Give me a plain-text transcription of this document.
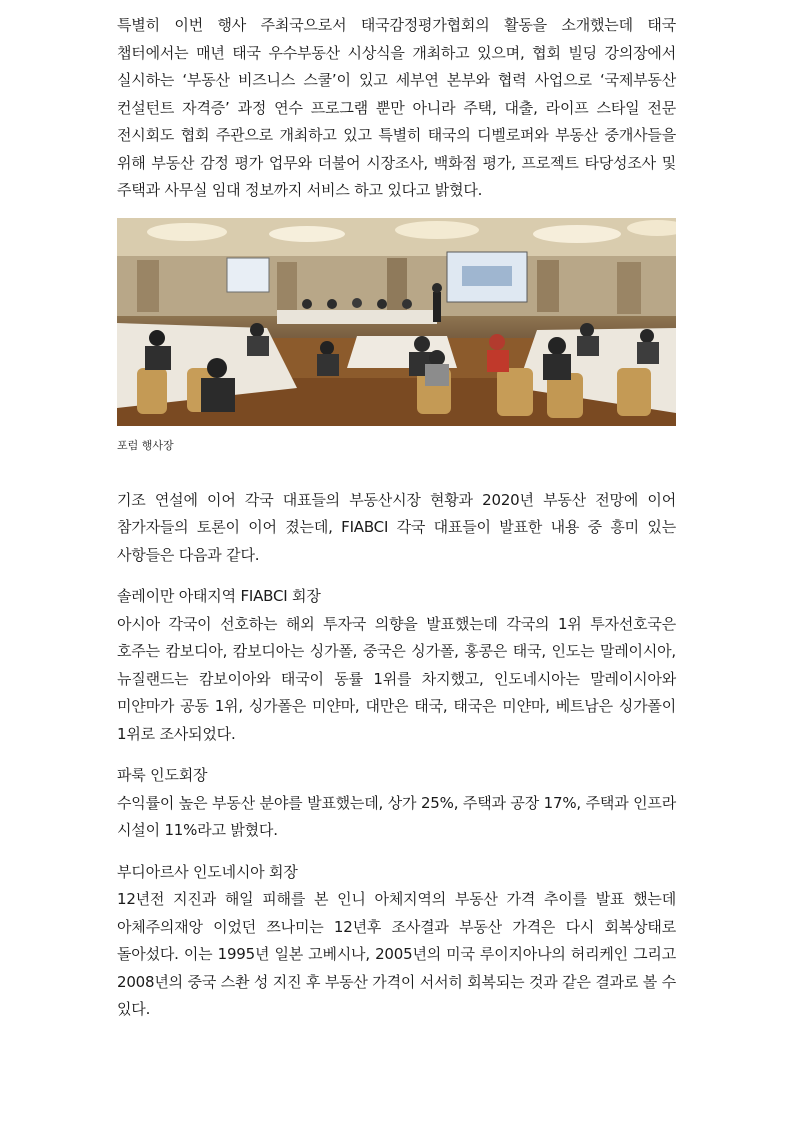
특별히 이번 행사 주최국으로서 태국감정평가협회의 활동을 소개했는데 태국 챕터에서는 매년 태국 우수부동산 시상식을 개최하고 있으며, 협회 빌딩 강의장에서 실시하는 ‘부동산 비즈니스 스쿨’이 있고 세부연 본부와 협력 사업으로 ‘국제부동산 컨설턴트 자격증’ 과정 연수 프로그램 뿐만 아니라 주택, 대출, 라이프 스타일 전문 전시회도 협회 주관으로 개최하고 있고 특별히 태국의 디벨로퍼와 부동산 중개사들을 위해 부동산 감정 평가 업무와 더불어 시장조사, 백화점 평가, 프로젝트 타당성조사 및 주택과 사무실 임대 정보까지 서비스 하고 있다고 밝혔다.

포럼 행사장

기조 연설에 이어 각국 대표들의 부동산시장 현황과 2020년 부동산 전망에 이어 참가자들의 토론이 이어 졌는데, FIABCI 각국 대표들이 발표한 내용 중 흥미 있는 사항들은 다음과 같다.

솔레이만 아태지역 FIABCI 회장

아시아 각국이 선호하는 해외 투자국 의향을 발표했는데 각국의 1위 투자선호국은 호주는 캄보디아, 캄보디아는 싱가폴, 중국은 싱가폴, 홍콩은 태국, 인도는 말레이시아, 뉴질랜드는 캄보이아와 태국이 동률 1위를 차지했고, 인도네시아는 말레이시아와 미얀마가 공동 1위, 싱가폴은 미얀마, 대만은 태국, 태국은 미얀마, 베트남은 싱가폴이 1위로 조사되었다.

파룩 인도회장

수익률이 높은 부동산 분야를 발표했는데, 상가 25%, 주택과 공장 17%, 주택과 인프라 시설이 11%라고 밝혔다.

부디아르사 인도네시아 회장

12년전 지진과 해일 피해를 본 인니 아체지역의 부동산 가격 추이를 발표 했는데 아체주의재앙 이었던 쯔나미는 12년후 조사결과 부동산 가격은 다시 회복상태로 돌아섰다. 이는 1995년 일본 고베시나, 2005년의 미국 루이지아나의 허리케인 그리고 2008년의 중국 스촨 성 지진 후 부동산 가격이 서서히 회복되는 것과 같은 결과로 볼 수 있다.
